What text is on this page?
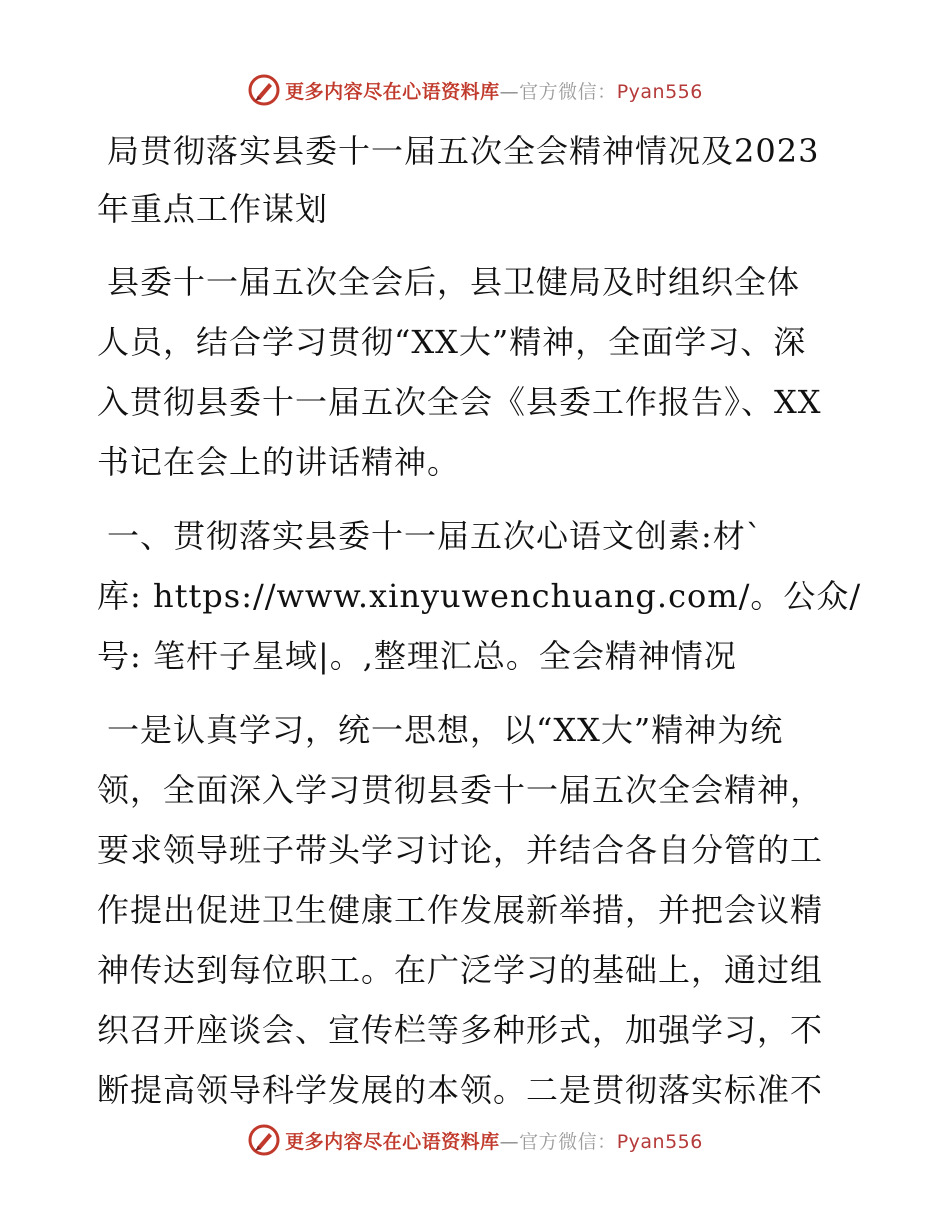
更多内容尽在心语资料库—官方微信：Pyan556
局贯彻落实县委十一届五次全会精神情况及2023
年重点工作谋划
县委十一届五次全会后，县卫健局及时组织全体
人员，结合学习贯彻“XX大”精神，全面学习、深
入贯彻县委十一届五次全会《县委工作报告》、XX
书记在会上的讲话精神。
一、贯彻落实县委十一届五次心语文创素:材`
库: https://www.xinyuwenchuang.com/。公众/
号: 笔杆子星域|。,整理汇总。全会精神情况
一是认真学习，统一思想，以“XX大”精神为统
领，全面深入学习贯彻县委十一届五次全会精神，
要求领导班子带头学习讨论，并结合各自分管的工
作提出促进卫生健康工作发展新举措，并把会议精
神传达到每位职工。在广泛学习的基础上，通过组
织召开座谈会、宣传栏等多种形式，加强学习，不
断提高领导科学发展的本领。二是贯彻落实标准不
更多内容尽在心语资料库—官方微信：Pyan556
